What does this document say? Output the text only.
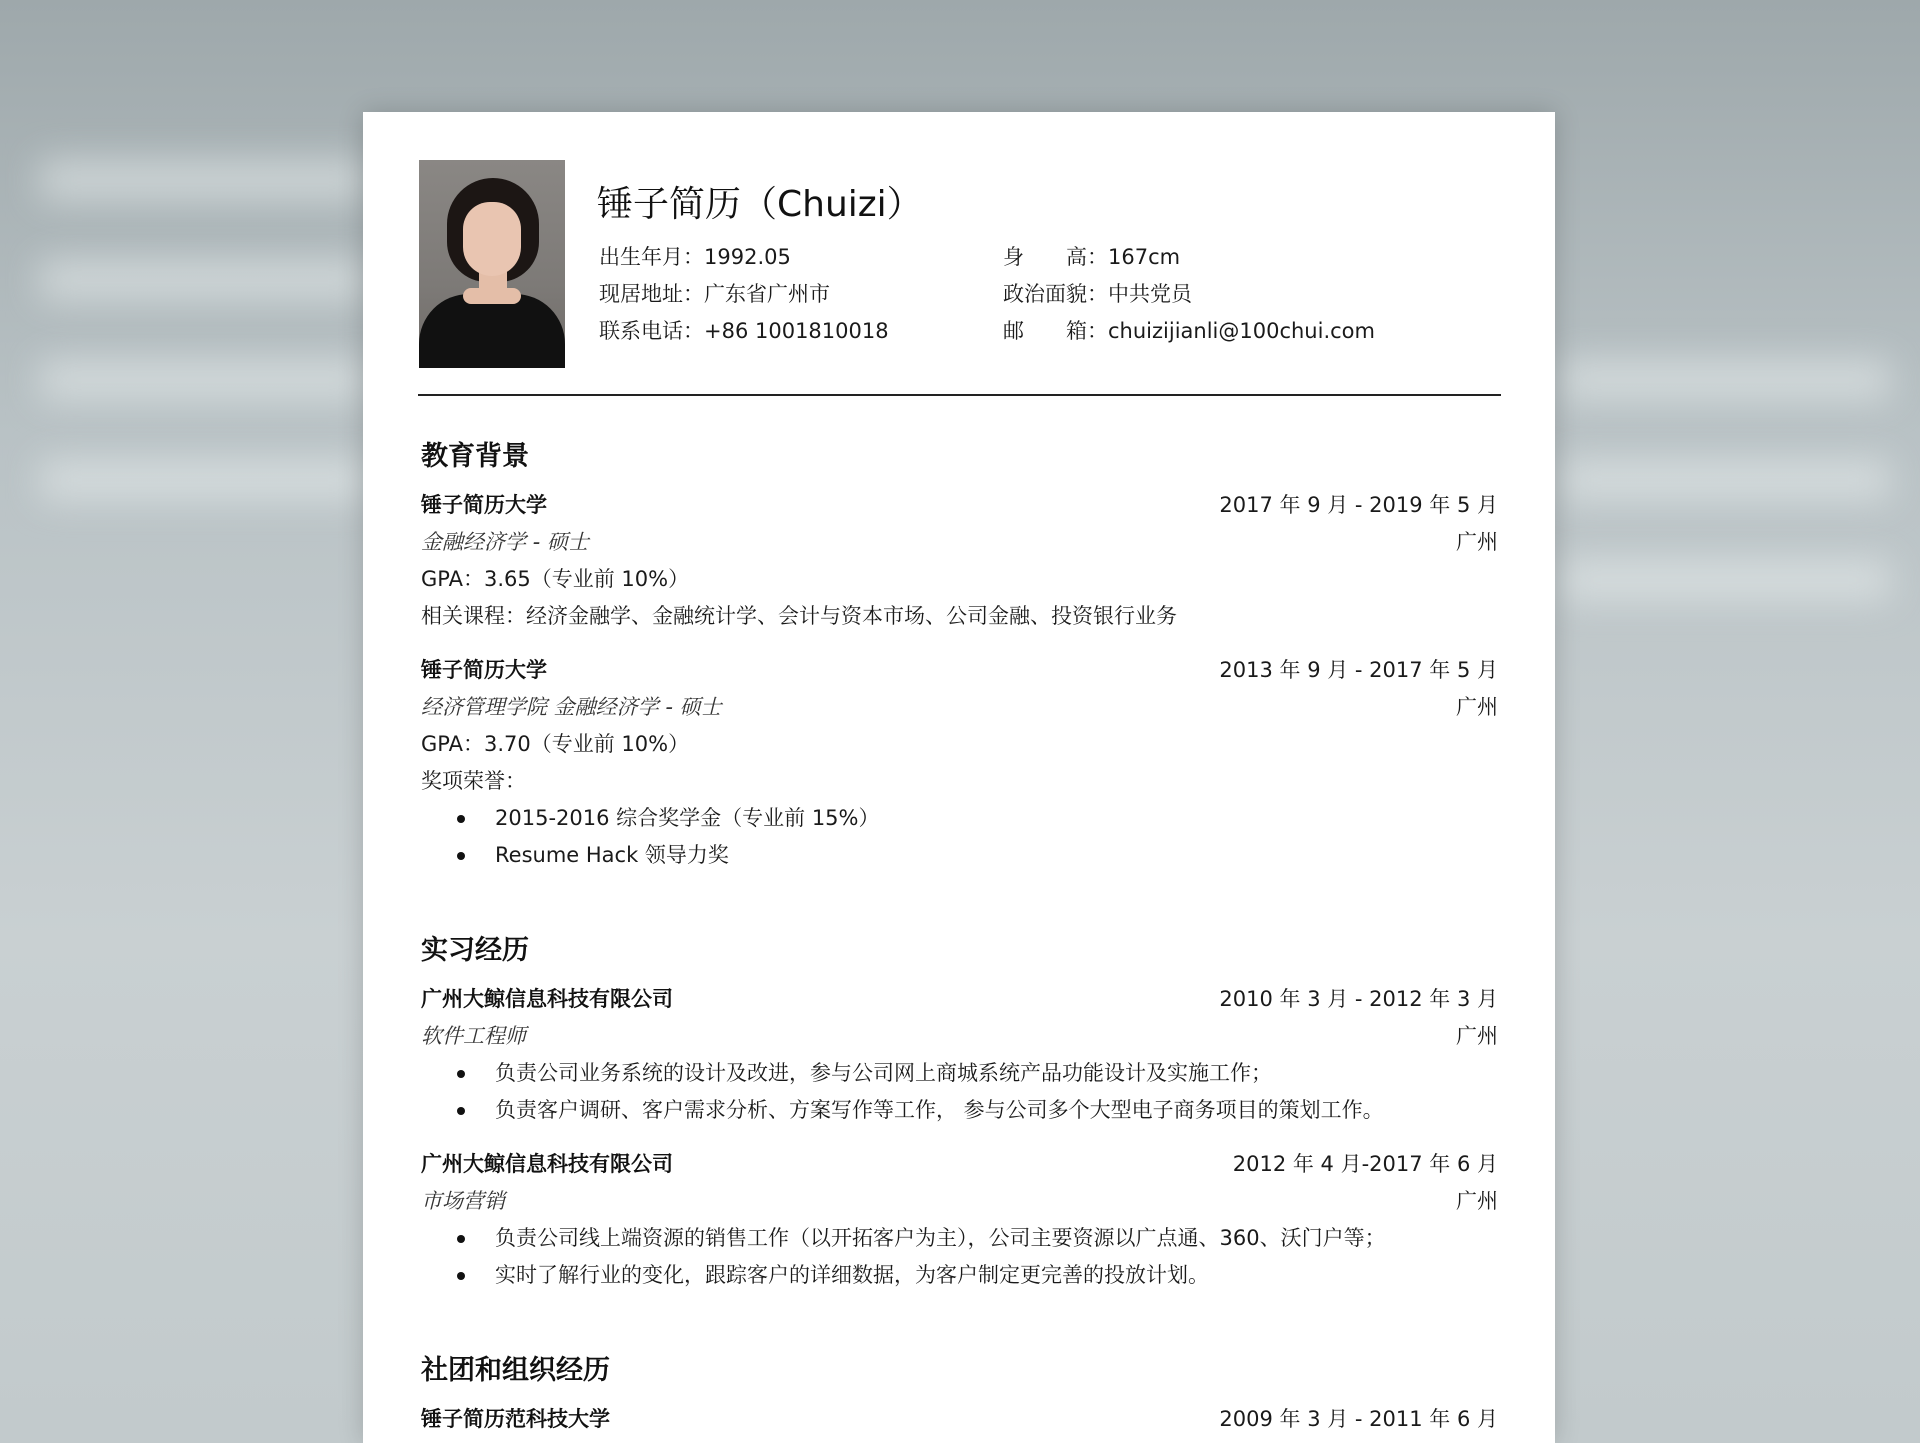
锤子简历（Chuizi）
出生年月：1992.05
现居地址：广东省广州市
联系电话：+86 1001810018
身　　高：167cm
政治面貌：中共党员
邮　　箱：chuizijianli@100chui.com
教育背景
锤子简历大学	2017 年 9 月 - 2019 年 5 月
金融经济学 - 硕士	广州
GPA：3.65（专业前 10%）
相关课程：经济金融学、金融统计学、会计与资本市场、公司金融、投资银行业务
锤子简历大学	2013 年 9 月 - 2017 年 5 月
经济管理学院 金融经济学 - 硕士	广州
GPA：3.70（专业前 10%）
奖项荣誉：
2015-2016 综合奖学金（专业前 15%）
Resume Hack 领导力奖
实习经历
广州大鲸信息科技有限公司	2010 年 3 月 - 2012 年 3 月
软件工程师	广州
负责公司业务系统的设计及改进，参与公司网上商城系统产品功能设计及实施工作；
负责客户调研、客户需求分析、方案写作等工作， 参与公司多个大型电子商务项目的策划工作。
广州大鲸信息科技有限公司	2012 年 4 月-2017 年 6 月
市场营销	广州
负责公司线上端资源的销售工作（以开拓客户为主），公司主要资源以广点通、360、沃门户等；
实时了解行业的变化，跟踪客户的详细数据，为客户制定更完善的投放计划。
社团和组织经历
锤子简历范科技大学	2009 年 3 月 - 2011 年 6 月
